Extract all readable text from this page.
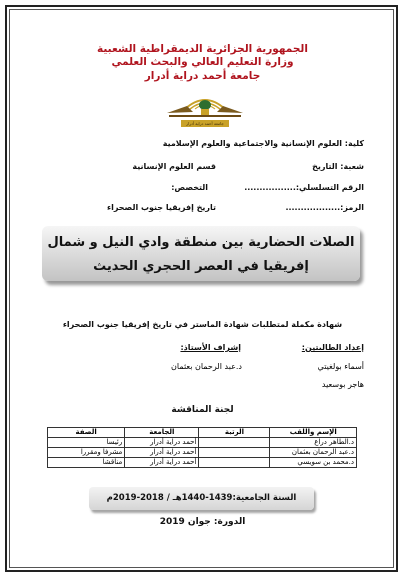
الجمهورية الجزائرية الديمقراطية الشعبية
وزارة التعليم العالي والبحث العلمي
جامعة أحمد دراية أدرار
جامعة أحمد دراية أدرار
كلية: العلوم الإنسانية والاجتماعية والعلوم الإسلامية
شعبة: التاريخ
قسم العلوم الإنسانية
الرقم التسلسلي:.................
التخصص:
الرمز:..................
تاريخ إفريقيا جنوب الصحراء
الصلات الحضارية بين منطقة وادي النيل و شمال
إفريقيا في العصر الحجري الحديث
شهادة مكملة لمتطلبات شهادة الماستر في تاريخ إفريقيا جنوب الصحراء
إعداد الطالبتين:
إشراف الأستاذ:
أسماء بولغيتي
هاجر بوسعيد
د.عبد الرحمان بعثمان
لجنة المناقشة
الإسم واللقب	الرتبة	الجامعة	الصفة
د.الطاهر دراع		أحمد دراية أدرار	رئيسا
د.عبد الرحمان بعثمان		أحمد دراية أدرار	مشرفا ومقررا
د.محمد بن سويسي		أحمد دراية أدرار	مناقشا
السنة الجامعية:1439-1440هـ / 2018-2019م
الدورة: جوان 2019
